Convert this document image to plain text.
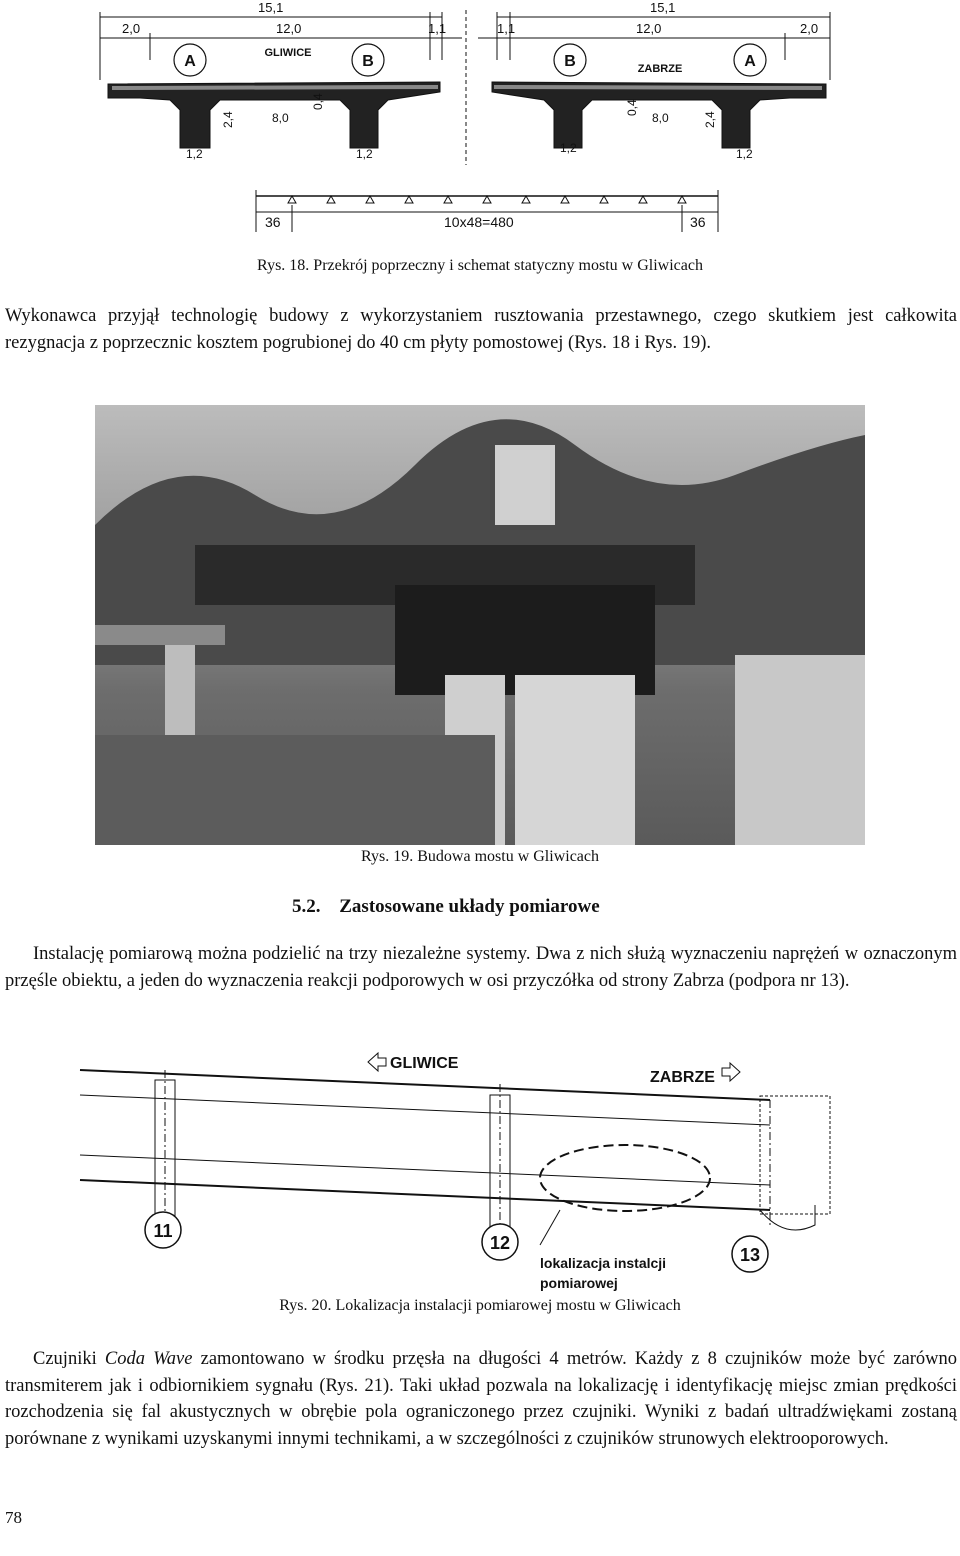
15,1
2,0	12,0	1,1
15,1
1,1	12,0	2,0
A	B	B	A
GLIWICE
ZABRZE
8,0	8,0
1,2	1,2	1,2	1,2
2,4
0,4	0,4
2,4
36	10x48=480	36
Rys. 18. Przekrój poprzeczny i schemat statyczny mostu w Gliwicach
Wykonawca przyjął technologię budowy z wykorzystaniem rusztowania przestawnego, czego skutkiem jest całkowita rezygnacja z poprzecznic kosztem pogrubionej do 40 cm płyty pomostowej (Rys. 18 i Rys. 19).
Rys. 19. Budowa mostu w Gliwicach
5.2. Zastosowane układy pomiarowe
Instalację pomiarową można podzielić na trzy niezależne systemy. Dwa z nich służą wyznaczeniu naprężeń w oznaczonym przęśle obiektu, a jeden do wyznaczenia reakcji podporowych w osi przyczółka od strony Zabrza (podpora nr 13).
11
12
13
GLIWICE
ZABRZE
lokalizacja instalcji
pomiarowej
Rys. 20. Lokalizacja instalacji pomiarowej mostu w Gliwicach
Czujniki Coda Wave zamontowano w środku przęsła na długości 4 metrów. Każdy z 8 czujników może być zarówno transmiterem jak i odbiornikiem sygnału (Rys. 21). Taki układ pozwala na lokalizację i identyfikację miejsc zmian prędkości rozchodzenia się fal akustycznych w obrębie pola ograniczonego przez czujniki. Wyniki z badań ultradźwiękami zostaną porównane z wynikami uzyskanymi innymi technikami, a w szczególności z czujników strunowych elektrooporowych.
78
